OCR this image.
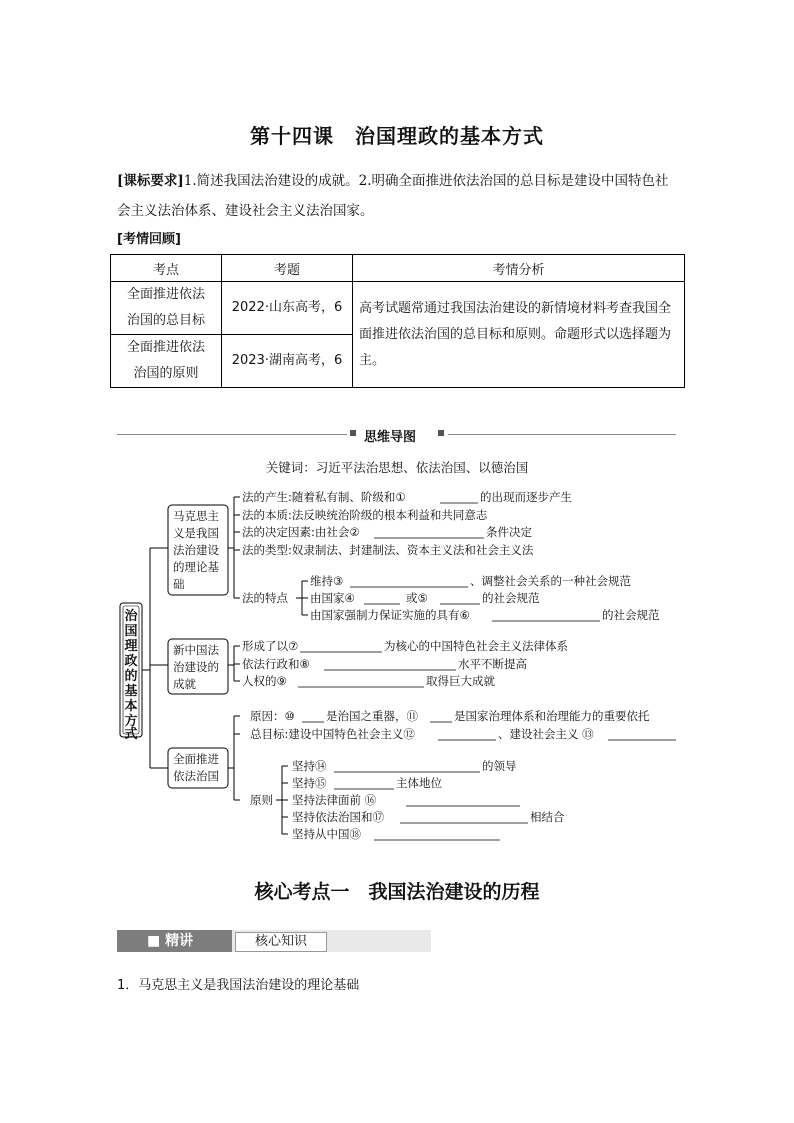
第十四课　治国理政的基本方式
[课标要求]1.简述我国法治建设的成就。2.明确全面推进依法治国的总目标是建设中国特色社
会主义法治体系、建设社会主义法治国家。
[考情回顾]
考点	考题	考情分析
全面推进依法
治国的总目标	2022·山东高考，6	高考试题常通过我国法治建设的新情境材料考查我国全面推进依法治国的总目标和原则。命题形式以选择题为主。
全面推进依法
治国的原则	2023·湖南高考，6	
思维导图
关键词：习近平法治思想、依法治国、以德治国
治
国
理
政
的
基
本
方
式
马克思主
义是我国
法治建设
的理论基
础
法的产生:随着私有制、阶级和①	的出现而逐步产生
法的本质:法反映统治阶级的根本利益和共同意志
法的决定因素:由社会②	条件决定
法的类型:奴隶制法、封建制法、资本主义法和社会主义法
法的特点
维持③	、调整社会关系的一种社会规范
由国家④	或⑤	的社会规范
由国家强制力保证实施的具有⑥	的社会规范
新中国法
治建设的
成就
形成了以⑦	为核心的中国特色社会主义法律体系
依法行政和⑧	水平不断提高
人权的⑨	取得巨大成就
全面推进
依法治国
原因：⑩	是治国之重器，⑪	是国家治理体系和治理能力的重要依托
总目标:建设中国特色社会主义⑫	、建设社会主义 ⑬
原则
坚持⑭	的领导
坚持⑮	主体地位
坚持法律面前 ⑯
坚持依法治国和⑰	相结合
坚持从中国⑱
核心考点一　我国法治建设的历程
■ 精讲	核心知识
1．马克思主义是我国法治建设的理论基础
